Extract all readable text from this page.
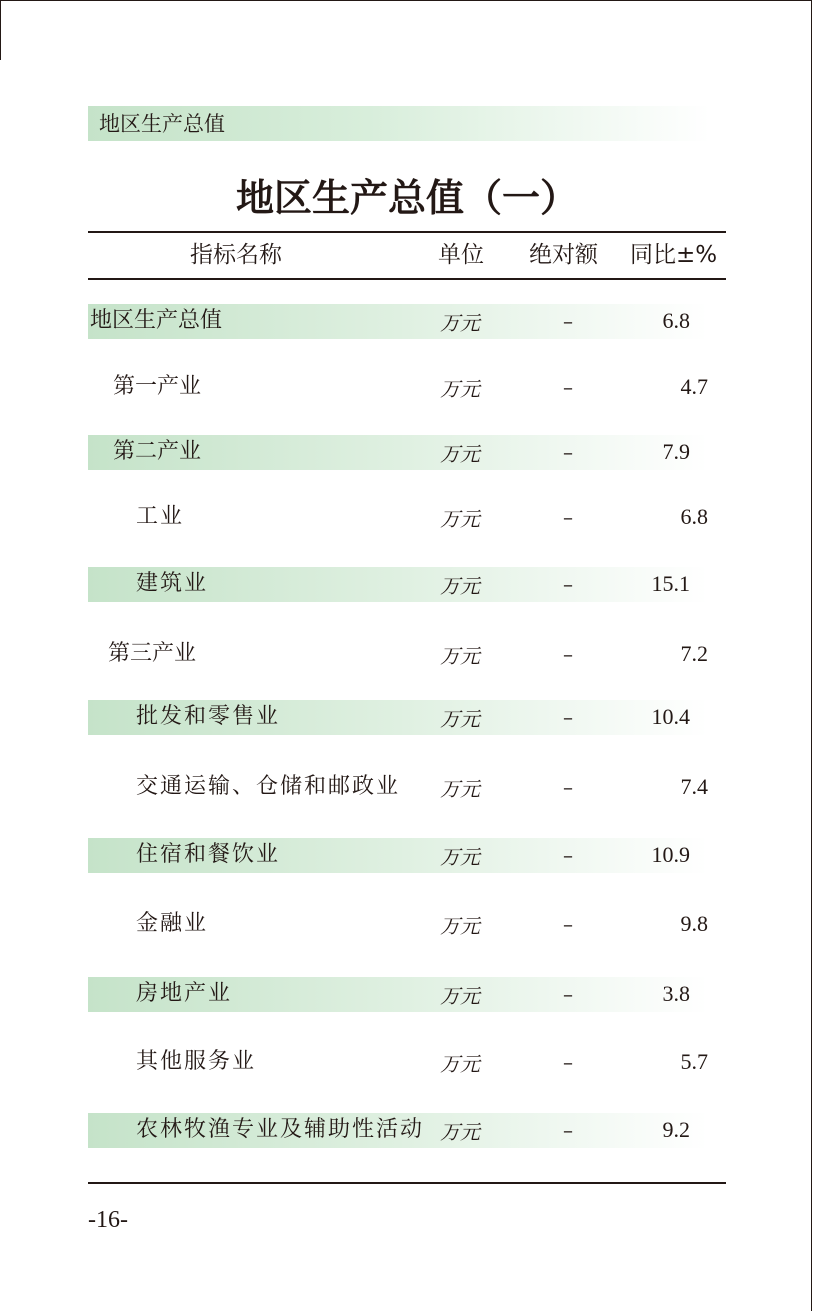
地区生产总值
地区生产总值（一）
指标名称	单位 绝对额 同比±%
地区生产总值	万元	–	6.8
第一产业	万元	–	4.7
第二产业	万元	–	7.9
工业	万元	–	6.8
建筑业	万元	–	15.1
第三产业	万元	–	7.2
批发和零售业	万元	–	10.4
交通运输、仓储和邮政业 万元	–	7.4
住宿和餐饮业	万元	–	10.9
金融业	万元	–	9.8
房地产业	万元	–	3.8
其他服务业	万元	–	5.7
农林牧渔专业及辅助性活动 万元	–	9.2
-16-
